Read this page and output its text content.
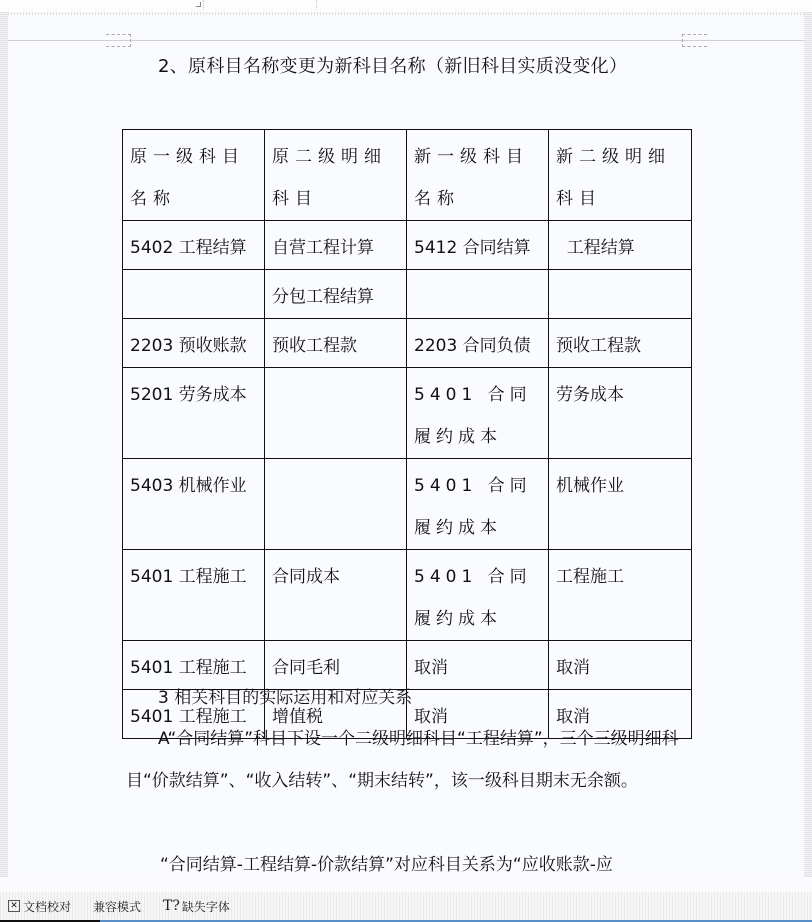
2、原科目名称变更为新科目名称（新旧科目实质没变化）
原一级科目名称	原二级明细科目	新一级科目名称	新二级明细科目
5402 工程结算	自营工程计算	5412 合同结算	工程结算
	分包工程结算		
2203 预收账款	预收工程款	2203 合同负债	预收工程款
5201 劳务成本		5401 合同履约成本	劳务成本
5403 机械作业		5401 合同履约成本	机械作业
5401 工程施工	合同成本	5401 合同履约成本	工程施工
5401 工程施工	合同毛利	取消	取消
5401 工程施工	增值税	取消	取消
3 相关科目的实际运用和对应关系
A“合同结算”科目下设一个二级明细科目“工程结算”，三个三级明细科目“价款结算”、“收入结转”、“期末结转”，该一级科目期末无余额。
“合同结算-工程结算-价款结算”对应科目关系为“应收账款-应
✕ 文档校对 兼容模式 T? 缺失字体
